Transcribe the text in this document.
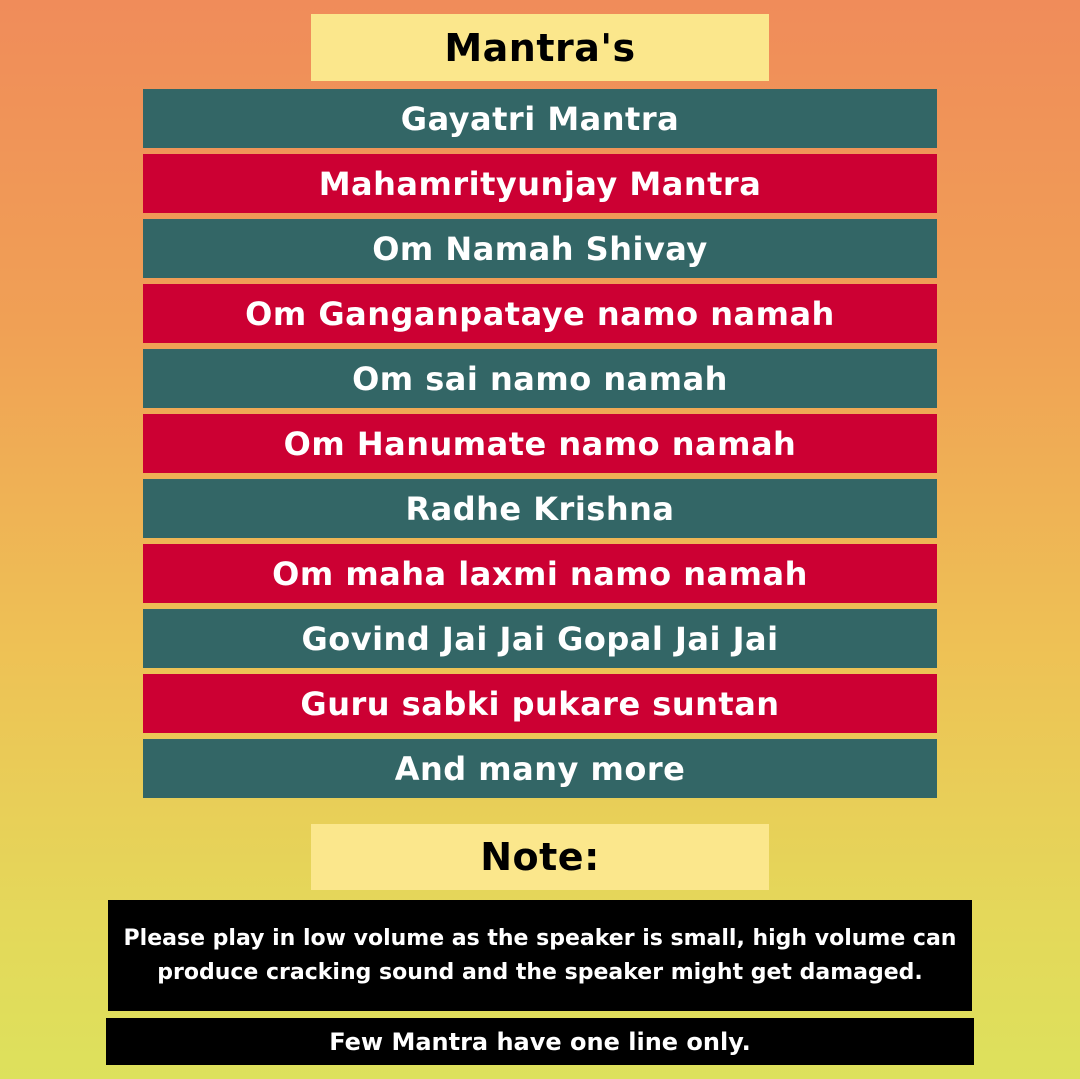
Mantra's
Gayatri Mantra
Mahamrityunjay Mantra
Om Namah Shivay
Om Ganganpataye namo namah
Om sai namo namah
Om Hanumate namo namah
Radhe Krishna
Om maha laxmi namo namah
Govind Jai Jai Gopal Jai Jai
Guru sabki pukare suntan
And many more
Note:
Please play in low volume as the speaker is small, high volume can produce cracking sound and the speaker might get damaged.
Few Mantra have one line only.
